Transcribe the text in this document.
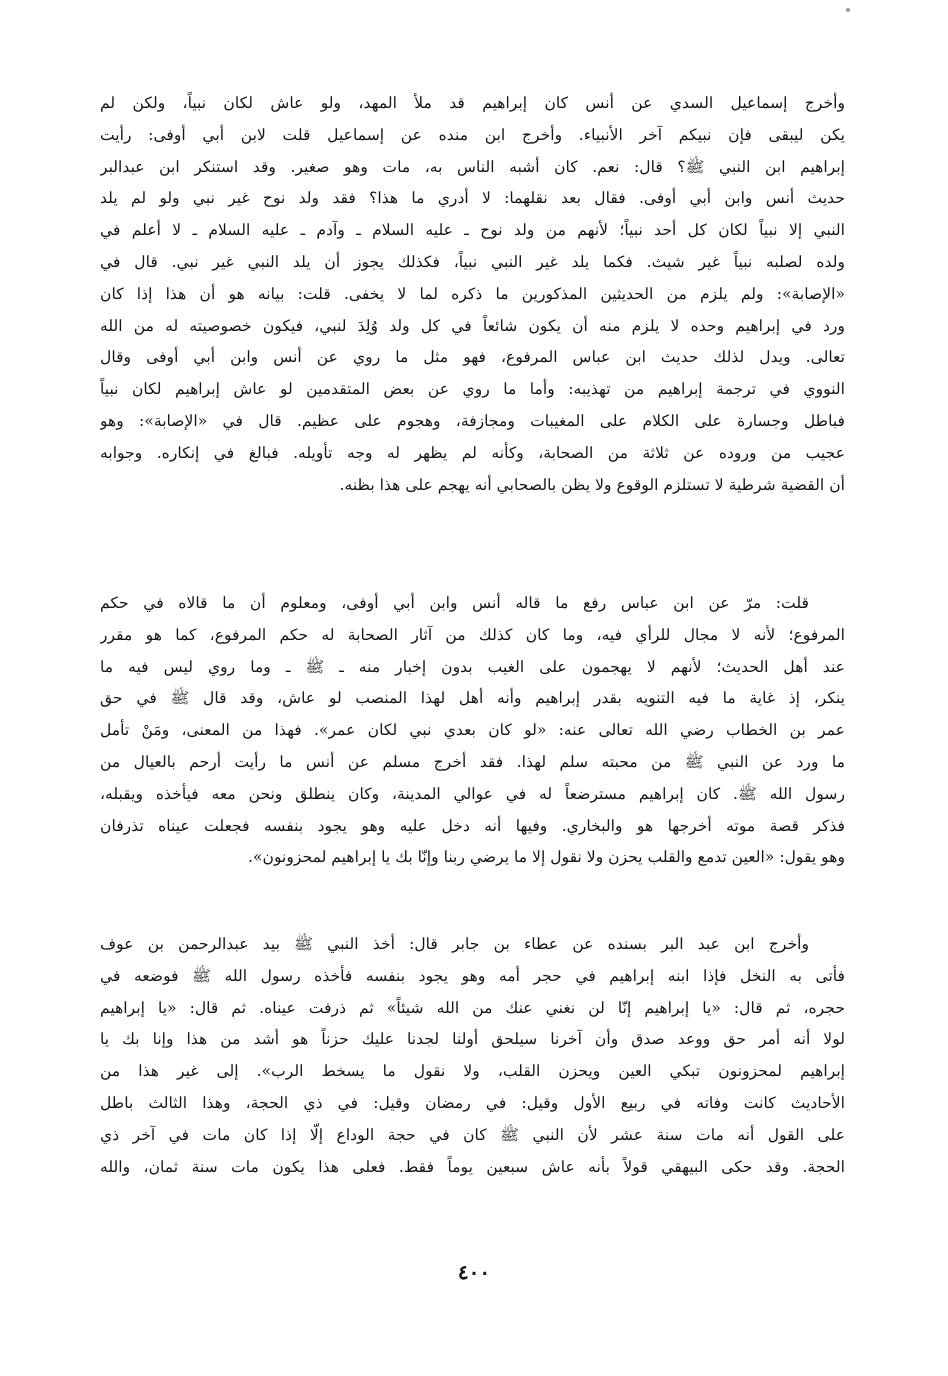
وأخرج إسماعيل السدي عن أنس كان إبراهيم قد ملأ المهد، ولو عاش لكان نبياً، ولكن لم
يكن ليبقى فإن نبيكم آخر الأنبياء. وأخرج ابن منده عن إسماعيل قلت لابن أبي أوفى: رأيت
إبراهيم ابن النبي ﷺ؟ قال: نعم. كان أشبه الناس به، مات وهو صغير. وقد استنكر ابن عبدالبر
حديث أنس وابن أبي أوفى. فقال بعد نقلهما: لا أدري ما هذا؟ فقد ولد نوح غير نبي ولو لم يلد
النبي إلا نبياً لكان كل أحد نبياً؛ لأنهم من ولد نوح ـ عليه السلام ـ وآدم ـ عليه السلام ـ لا أعلم في
ولده لصلبه نبياً غير شيث. فكما يلد غير النبي نبياً، فكذلك يجوز أن يلد النبي غير نبي. قال في
«الإصابة»: ولم يلزم من الحديثين المذكورين ما ذكره لما لا يخفى. قلت: بيانه هو أن هذا إذا كان
ورد في إبراهيم وحده لا يلزم منه أن يكون شائعاً في كل ولد وُلِدَ لنبي، فيكون خصوصيته له من الله
تعالى. ويدل لذلك حديث ابن عباس المرفوع، فهو مثل ما روي عن أنس وابن أبي أوفى وقال
النووي في ترجمة إبراهيم من تهذيبه: وأما ما روي عن بعض المتقدمين لو عاش إبراهيم لكان نبياً
فباطل وجسارة على الكلام على المغيبات ومجازفة، وهجوم على عظيم. قال في «الإصابة»: وهو
عجيب من وروده عن ثلاثة من الصحابة، وكأنه لم يظهر له وجه تأويله. فبالغ في إنكاره. وجوابه
أن القضية شرطية لا تستلزم الوقوع ولا يظن بالصحابي أنه يهجم على هذا بظنه.
قلت: مرّ عن ابن عباس رفع ما قاله أنس وابن أبي أوفى، ومعلوم أن ما قالاه في حكم
المرفوع؛ لأنه لا مجال للرأي فيه، وما كان كذلك من آثار الصحابة له حكم المرفوع، كما هو مقرر
عند أهل الحديث؛ لأنهم لا يهجمون على الغيب بدون إخبار منه ـ ﷺ ـ وما روي ليس فيه ما
ينكر، إذ غاية ما فيه التنويه بقدر إبراهيم وأنه أهل لهذا المنصب لو عاش، وقد قال ﷺ في حق
عمر بن الخطاب رضي الله تعالى عنه: «لو كان بعدي نبي لكان عمر». فهذا من المعنى، ومَنْ تأمل
ما ورد عن النبي ﷺ من محبته سلم لهذا. فقد أخرج مسلم عن أنس ما رأيت أرحم بالعيال من
رسول الله ﷺ. كان إبراهيم مسترضعاً له في عوالي المدينة، وكان ينطلق ونحن معه فيأخذه ويقبله،
فذكر قصة موته أخرجها هو والبخاري. وفيها أنه دخل عليه وهو يجود بنفسه فجعلت عيناه تذرفان
وهو يقول: «العين تدمع والقلب يحزن ولا نقول إلا ما يرضي ربنا وإنّا بك يا إبراهيم لمحزونون».
وأخرج ابن عبد البر بسنده عن عطاء بن جابر قال: أخذ النبي ﷺ بيد عبدالرحمن بن عوف
فأتى به النخل فإذا ابنه إبراهيم في حجر أمه وهو يجود بنفسه فأخذه رسول الله ﷺ فوضعه في
حجره، ثم قال: «يا إبراهيم إنّا لن نغني عنك من الله شيئاً» ثم ذرفت عيناه. ثم قال: «يا إبراهيم
لولا أنه أمر حق ووعد صدق وأن آخرنا سيلحق أولنا لجدنا عليك حزناً هو أشد من هذا وإنا بك يا
إبراهيم لمحزونون تبكي العين ويحزن القلب، ولا نقول ما يسخط الرب». إلى غير هذا من
الأحاديث كانت وفاته في ربيع الأول وقيل: في رمضان وقيل: في ذي الحجة، وهذا الثالث باطل
على القول أنه مات سنة عشر لأن النبي ﷺ كان في حجة الوداع إلّا إذا كان مات في آخر ذي
الحجة. وقد حكى البيهقي قولاً بأنه عاش سبعين يوماً فقط. فعلى هذا يكون مات سنة ثمان، والله
٤٠٠
